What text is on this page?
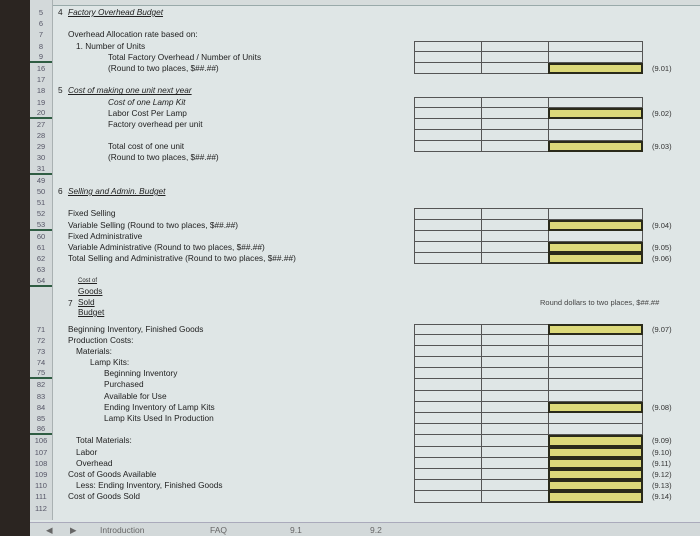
5	4 Factory Overhead Budget
6
7	Overhead Allocation rate based on:
8	1. Number of Units
9	Total Factory Overhead / Number of Units
16	(Round to two places, $##.##)	(9.01)
17
18	5 Cost of making one unit next year
19	Cost of one Lamp Kit
20	Labor Cost Per Lamp	(9.02)
27	Factory overhead per unit
28
29	Total cost of one unit	(9.03)
30	(Round to two places, $##.##)
31
49
50	6 Selling and Admin. Budget
51
52	Fixed Selling
53	Variable Selling (Round to two places, $##.##)	(9.04)
60	Fixed Administrative
61	Variable Administrative (Round to two places, $##.##)	(9.05)
62	Total Selling and Administrative (Round to two places, $##.##)	(9.06)
63
64
7
Cost of
Goods
Sold
Budget
Round dollars to two places, $##.##
71	Beginning Inventory, Finished Goods	(9.07)
72	Production Costs:
73	Materials:
74	Lamp Kits:
75	Beginning Inventory
82	Purchased
83	Available for Use
84	Ending Inventory of Lamp Kits	(9.08)
85	Lamp Kits Used In Production
86
106	Total Materials:	(9.09)
107	Labor	(9.10)
108	Overhead	(9.11)
109	Cost of Goods Available	(9.12)
110	Less: Ending Inventory, Finished Goods	(9.13)
111	Cost of Goods Sold	(9.14)
112
◀ ▶	Introduction	FAQ	9.1	9.2
